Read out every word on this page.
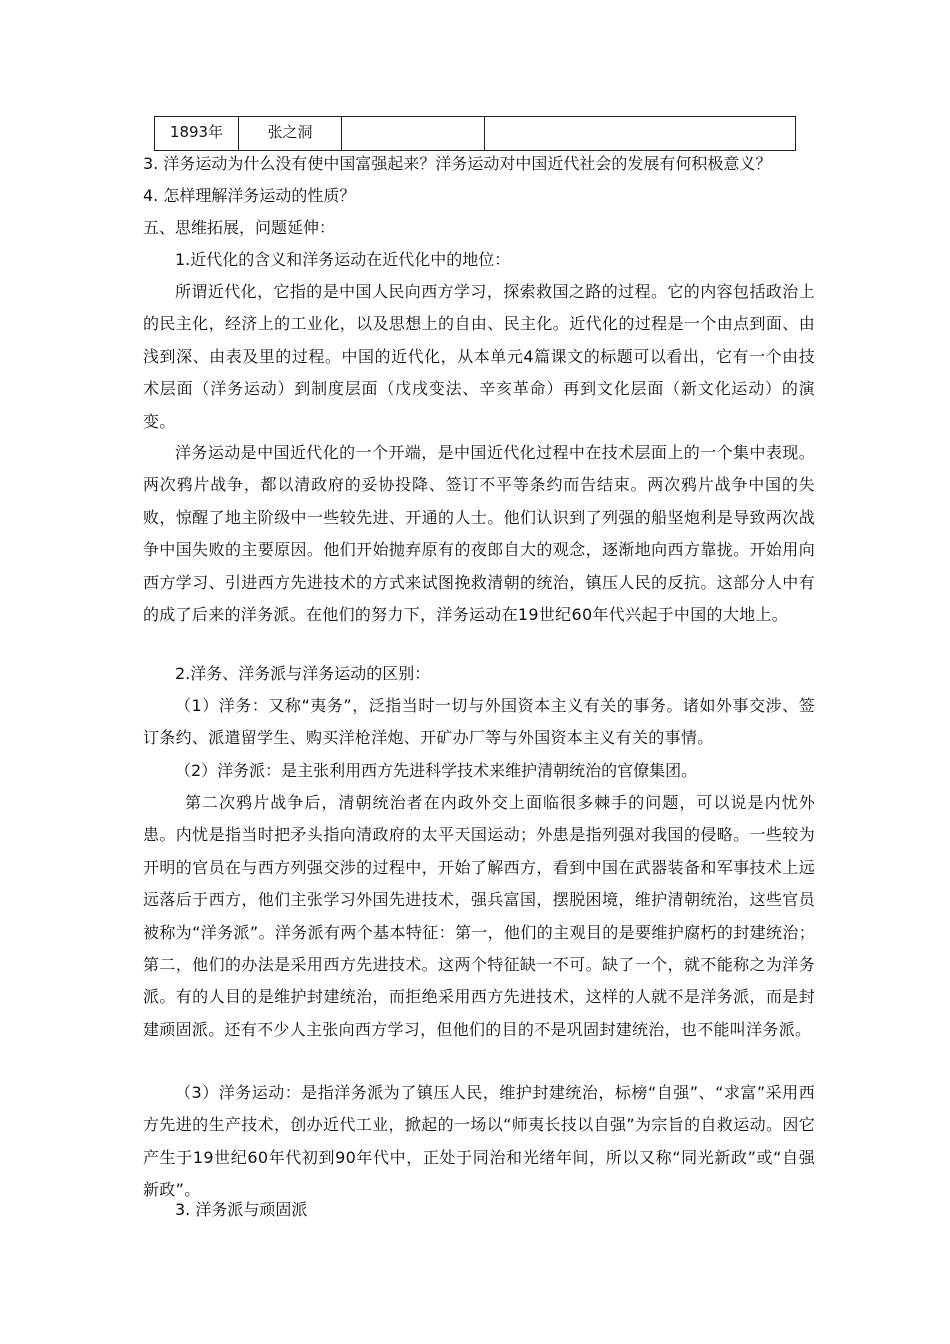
1893年	张之洞

3. 洋务运动为什么没有使中国富强起来？洋务运动对中国近代社会的发展有何积极意义？
4. 怎样理解洋务运动的性质？
五、思维拓展，问题延伸：
1.近代化的含义和洋务运动在近代化中的地位：
所谓近代化，它指的是中国人民向西方学习，探索救国之路的过程。它的内容包括政治上的民主化，经济上的工业化，以及思想上的自由、民主化。近代化的过程是一个由点到面、由浅到深、由表及里的过程。中国的近代化，从本单元4篇课文的标题可以看出，它有一个由技术层面（洋务运动）到制度层面（戊戌变法、辛亥革命）再到文化层面（新文化运动）的演变。
洋务运动是中国近代化的一个开端，是中国近代化过程中在技术层面上的一个集中表现。两次鸦片战争，都以清政府的妥协投降、签订不平等条约而告结束。两次鸦片战争中国的失败，惊醒了地主阶级中一些较先进、开通的人士。他们认识到了列强的船坚炮利是导致两次战争中国失败的主要原因。他们开始抛弃原有的夜郎自大的观念，逐渐地向西方靠拢。开始用向西方学习、引进西方先进技术的方式来试图挽救清朝的统治，镇压人民的反抗。这部分人中有的成了后来的洋务派。在他们的努力下，洋务运动在19世纪60年代兴起于中国的大地上。
2.洋务、洋务派与洋务运动的区别：
（1）洋务：又称“夷务”，泛指当时一切与外国资本主义有关的事务。诸如外事交涉、签订条约、派遣留学生、购买洋枪洋炮、开矿办厂等与外国资本主义有关的事情。
（2）洋务派：是主张利用西方先进科学技术来维护清朝统治的官僚集团。
第二次鸦片战争后，清朝统治者在内政外交上面临很多棘手的问题，可以说是内忧外患。内忧是指当时把矛头指向清政府的太平天国运动；外患是指列强对我国的侵略。一些较为开明的官员在与西方列强交涉的过程中，开始了解西方，看到中国在武器装备和军事技术上远远落后于西方，他们主张学习外国先进技术，强兵富国，摆脱困境，维护清朝统治，这些官员被称为“洋务派”。洋务派有两个基本特征：第一，他们的主观目的是要维护腐朽的封建统治；第二，他们的办法是采用西方先进技术。这两个特征缺一不可。缺了一个，就不能称之为洋务派。有的人目的是维护封建统治，而拒绝采用西方先进技术，这样的人就不是洋务派，而是封建顽固派。还有不少人主张向西方学习，但他们的目的不是巩固封建统治，也不能叫洋务派。
（3）洋务运动：是指洋务派为了镇压人民，维护封建统治，标榜“自强”、“求富”采用西方先进的生产技术，创办近代工业，掀起的一场以“师夷长技以自强”为宗旨的自救运动。因它产生于19世纪60年代初到90年代中，正处于同治和光绪年间，所以又称“同光新政”或“自强新政”。
3. 洋务派与顽固派
